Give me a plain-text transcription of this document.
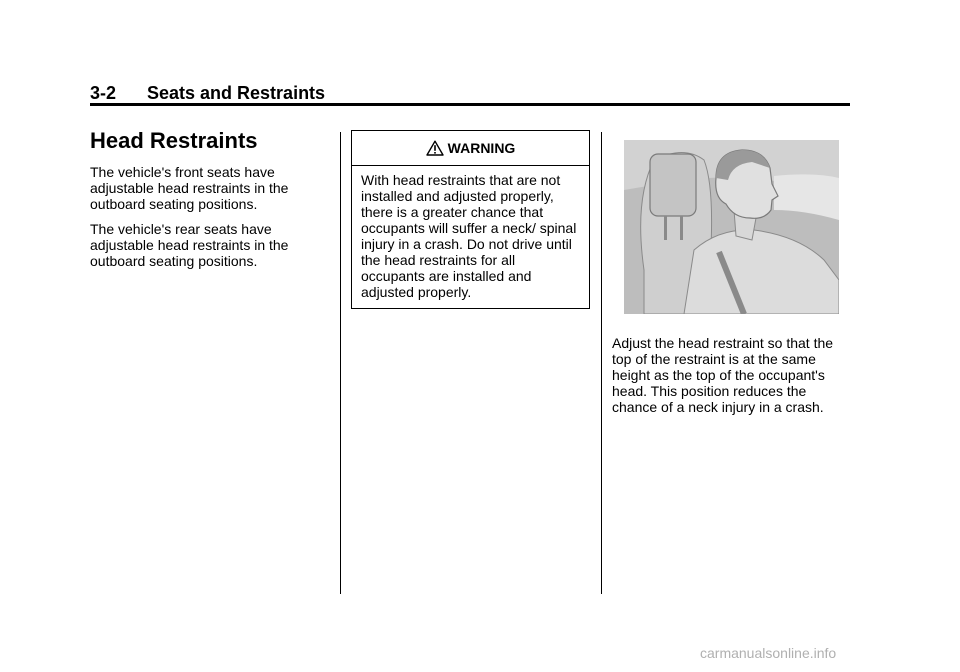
3-2	Seats and Restraints
Head Restraints

The vehicle's front seats have adjustable head restraints in the outboard seating positions.

The vehicle's rear seats have adjustable head restraints in the outboard seating positions.

WARNING
With head restraints that are not installed and adjusted properly, there is a greater chance that occupants will suffer a neck/ spinal injury in a crash. Do not drive until the head restraints for all occupants are installed and adjusted properly.

Adjust the head restraint so that the top of the restraint is at the same height as the top of the occupant's head. This position reduces the chance of a neck injury in a crash.

carmanualsonline.info
